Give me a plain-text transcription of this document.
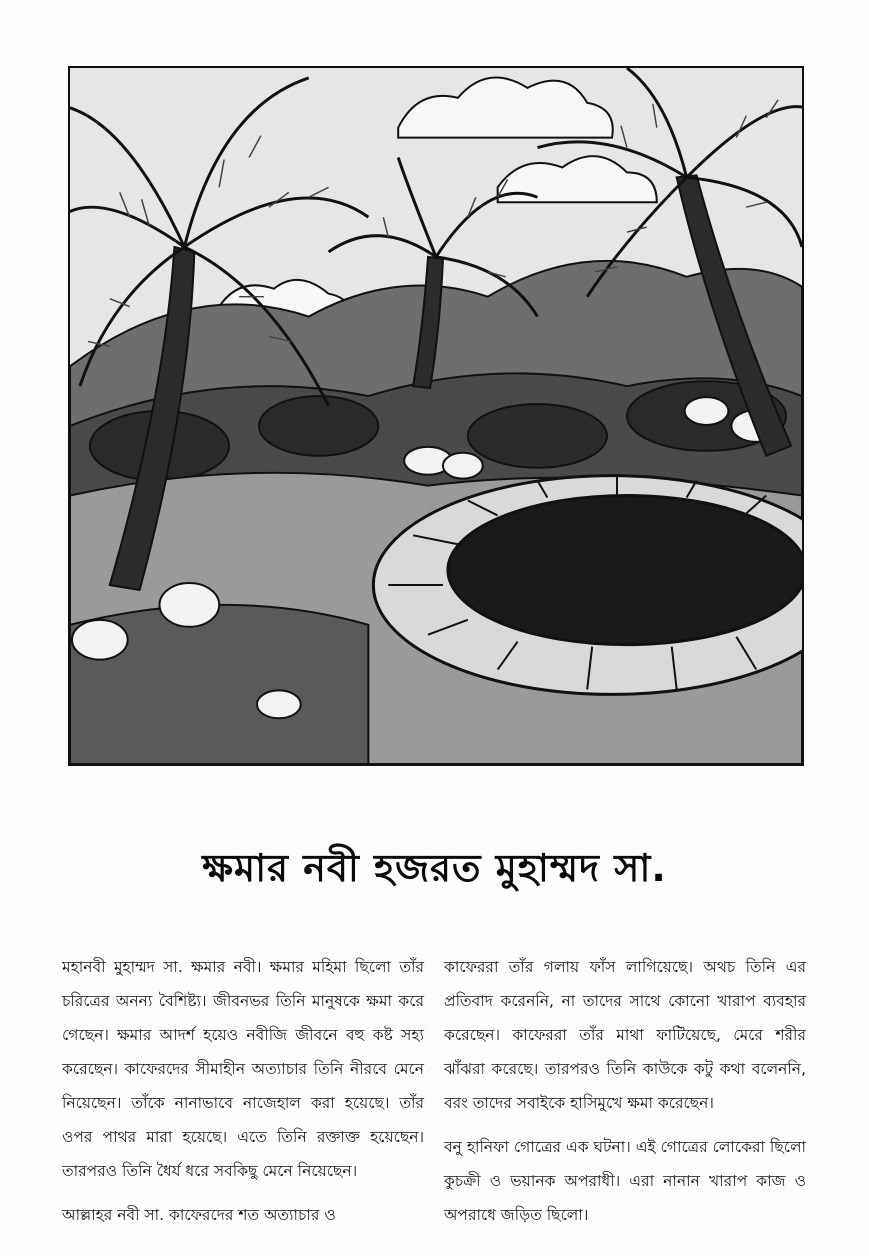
ক্ষমার নবী হজরত মুহাম্মদ সা.

মহানবী মুহাম্মদ সা. ক্ষমার নবী। ক্ষমার মহিমা ছিলো তাঁর চরিত্রের অনন্য বৈশিষ্ট্য। জীবনভর তিনি মানুষকে ক্ষমা করে গেছেন। ক্ষমার আদর্শ হয়েও নবীজি জীবনে বহু কষ্ট সহ্য করেছেন। কাফেরদের সীমাহীন অত্যাচার তিনি নীরবে মেনে নিয়েছেন। তাঁকে নানাভাবে নাজেহাল করা হয়েছে। তাঁর ওপর পাথর মারা হয়েছে। এতে তিনি রক্তাক্ত হয়েছেন। তারপরও তিনি ধৈর্য ধরে সবকিছু মেনে নিয়েছেন।

আল্লাহর নবী সা. কাফেরদের শত অত্যাচার ও

কাফেররা তাঁর গলায় ফাঁস লাগিয়েছে। অথচ তিনি এর প্রতিবাদ করেননি, না তাদের সাথে কোনো খারাপ ব্যবহার করেছেন। কাফেররা তাঁর মাথা ফাটিয়েছে, মেরে শরীর ঝাঁঝরা করেছে। তারপরও তিনি কাউকে কটু কথা বলেননি, বরং তাদের সবাইকে হাসিমুখে ক্ষমা করেছেন।

বনু হানিফা গোত্রের এক ঘটনা। এই গোত্রের লোকেরা ছিলো কুচক্রী ও ভয়ানক অপরাধী। এরা নানান খারাপ কাজ ও অপরাধে জড়িত ছিলো।
